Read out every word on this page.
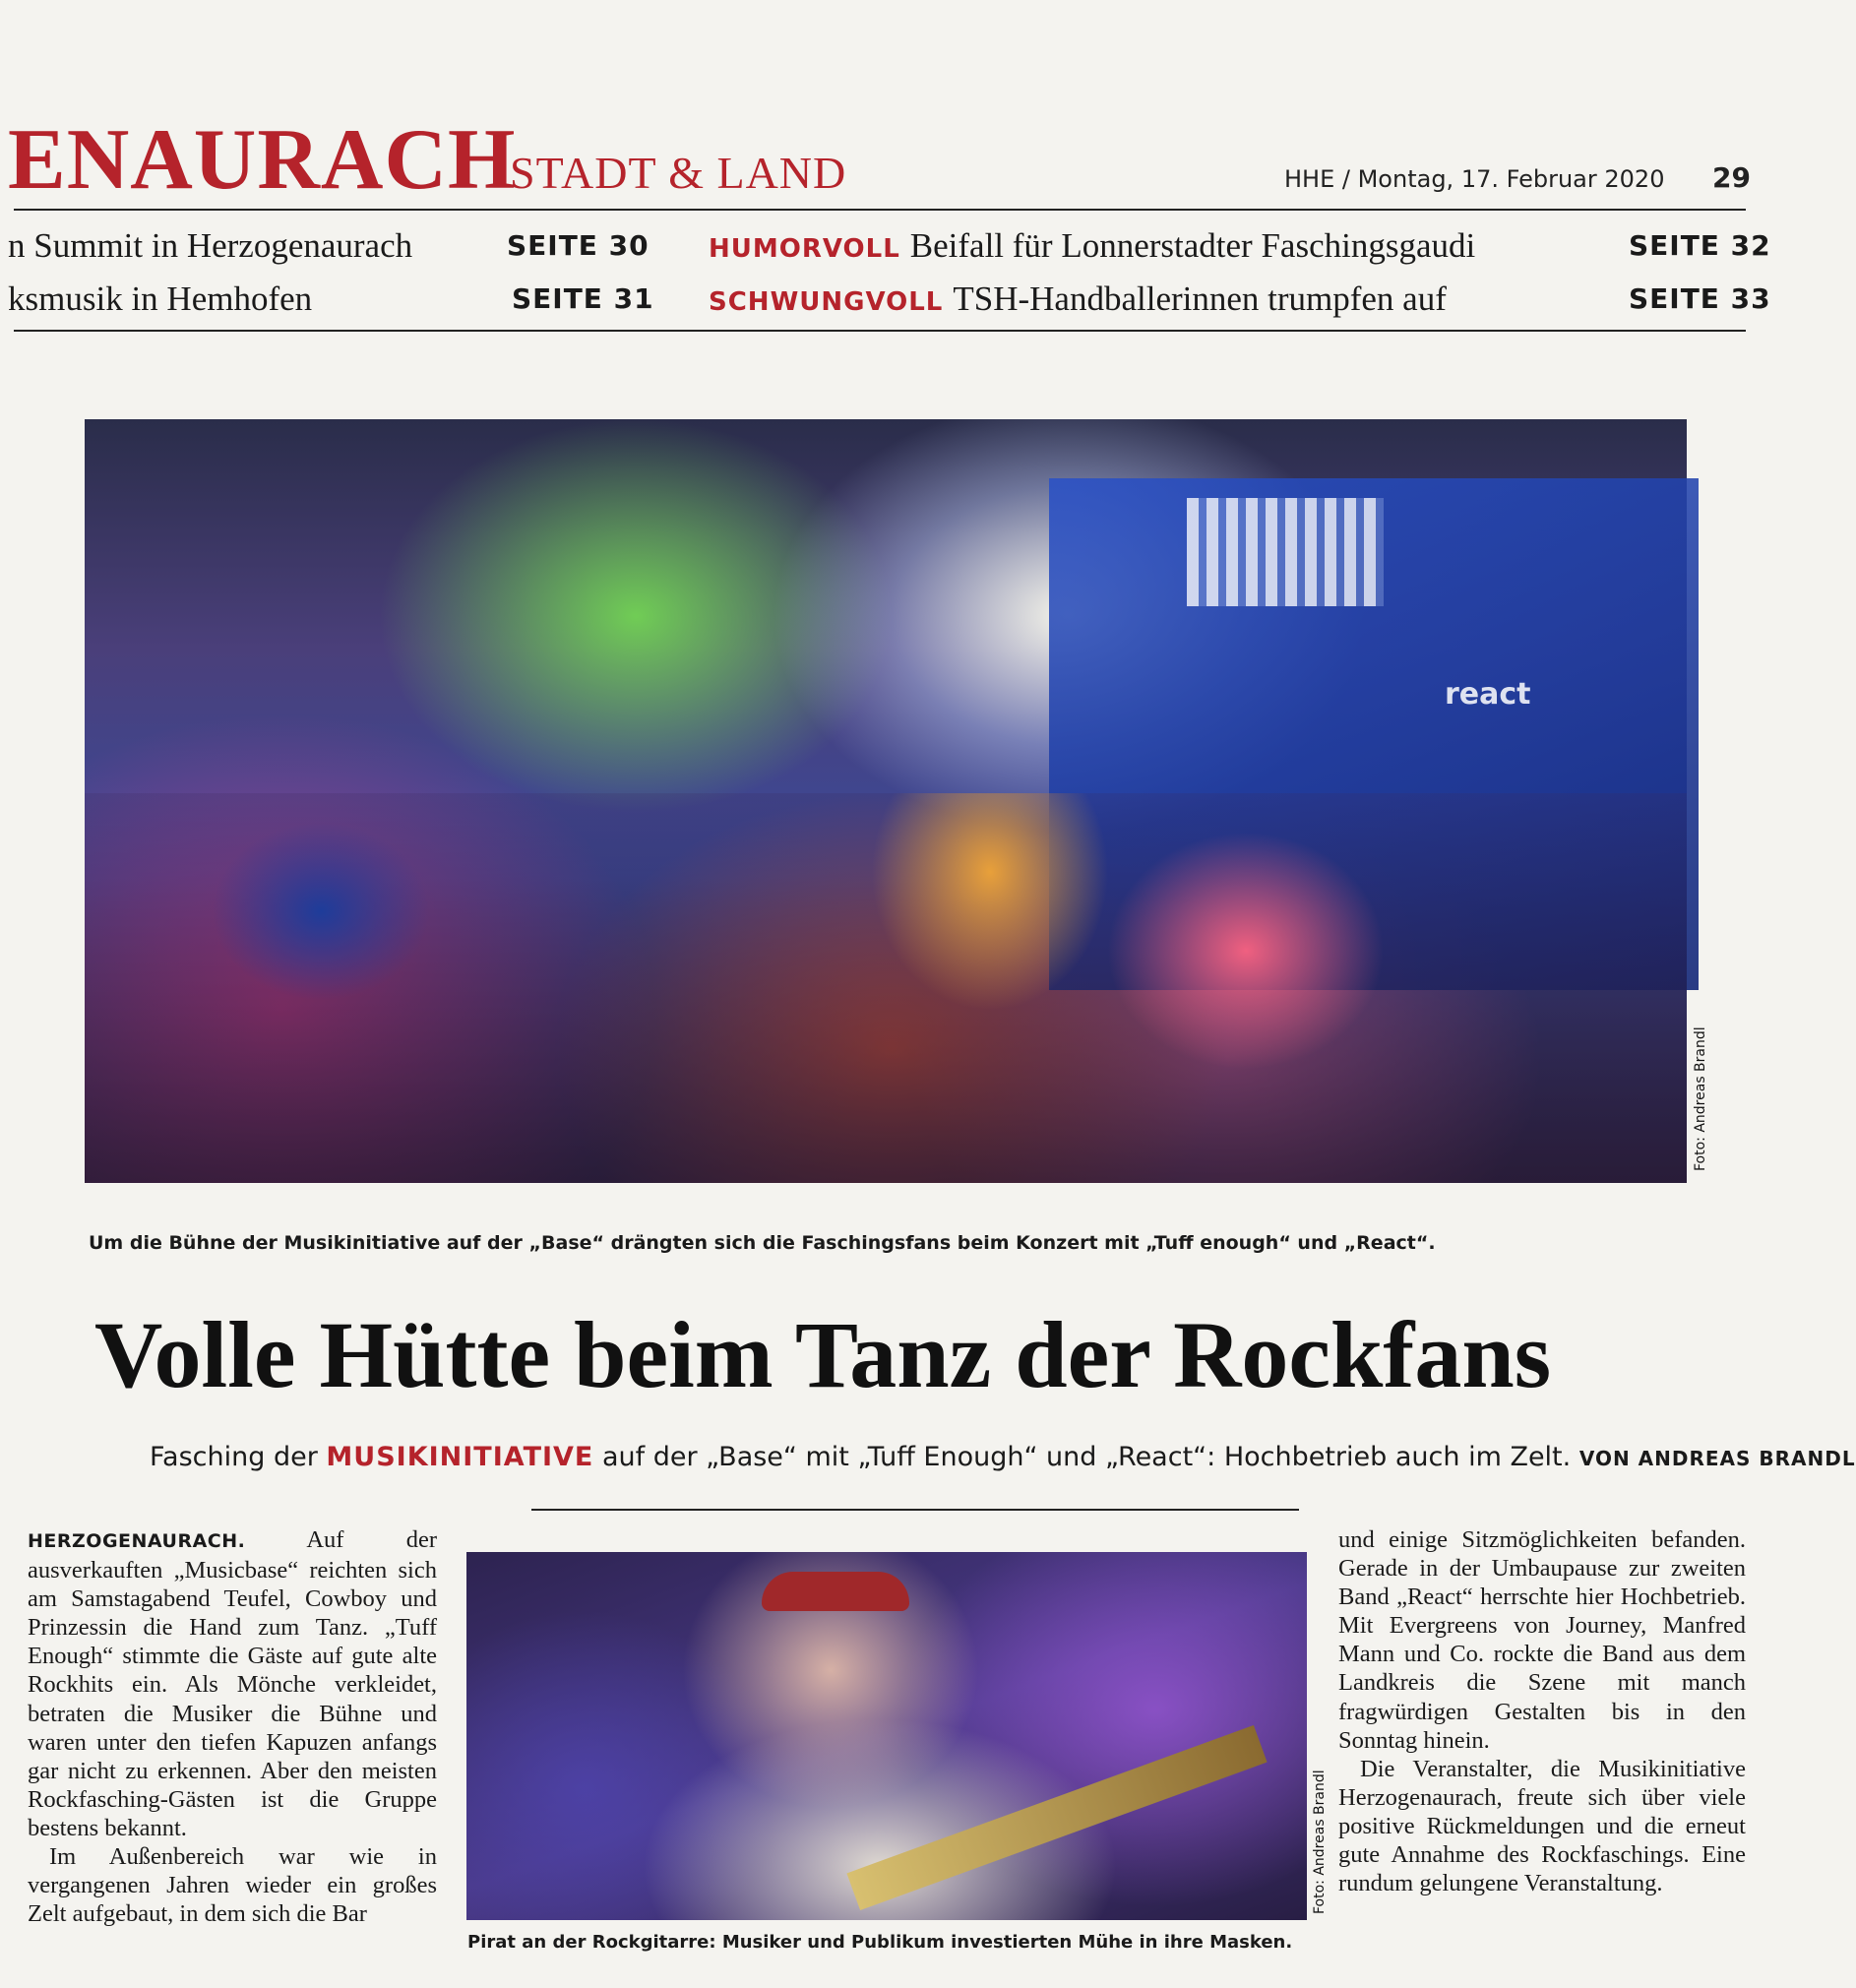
ENAURACH
STADT & LAND	HHE / Montag, 17. Februar 2020 29
n Summit in Herzogenaurach	SEITE 30
ksmusik in Hemhofen	SEITE 31
HUMORVOLL Beifall für Lonnerstadter Faschingsgaudi	SEITE 32
SCHWUNGVOLL TSH-Handballerinnen trumpfen auf	SEITE 33
react
Foto: Andreas Brandl
Um die Bühne der Musikinitiative auf der „Base“ drängten sich die Faschingsfans beim Konzert mit „Tuff enough“ und „React“.
Volle Hütte beim Tanz der Rockfans
Fasching der MUSIKINITIATIVE auf der „Base“ mit „Tuff Enough“ und „React“: Hochbetrieb auch im Zelt. VON ANDREAS BRANDL

HERZOGENAURACH.	Auf der ausverkauften „Musicbase“ reichten sich am Samstagabend Teufel, Cowboy und Prinzessin die Hand zum Tanz. „Tuff Enough“ stimmte die Gäste auf gute alte Rockhits ein. Als Mönche verkleidet, betraten die Musiker die Bühne und waren unter den tiefen Kapuzen anfangs gar nicht zu erkennen. Aber den meisten Rockfasching-Gästen ist die Gruppe bestens bekannt.

Im Außenbereich war wie in vergangenen Jahren wieder ein großes Zelt aufgebaut, in dem sich die Bar	Foto: Andreas Brandl
Pirat an der Rockgitarre: Musiker und Publikum investierten Mühe in ihre Masken.

und einige Sitzmöglichkeiten befanden. Gerade in der Umbaupause zur zweiten Band „React“ herrschte hier Hochbetrieb. Mit Evergreens von Journey, Manfred Mann und Co. rockte die Band aus dem Landkreis die Szene mit manch fragwürdigen Gestalten bis in den Sonntag hinein.

Die Veranstalter, die Musikinitiative Herzogenaurach, freute sich über viele positive Rückmeldungen und die erneut gute Annahme des Rockfaschings. Eine rundum gelungene Veranstaltung.
